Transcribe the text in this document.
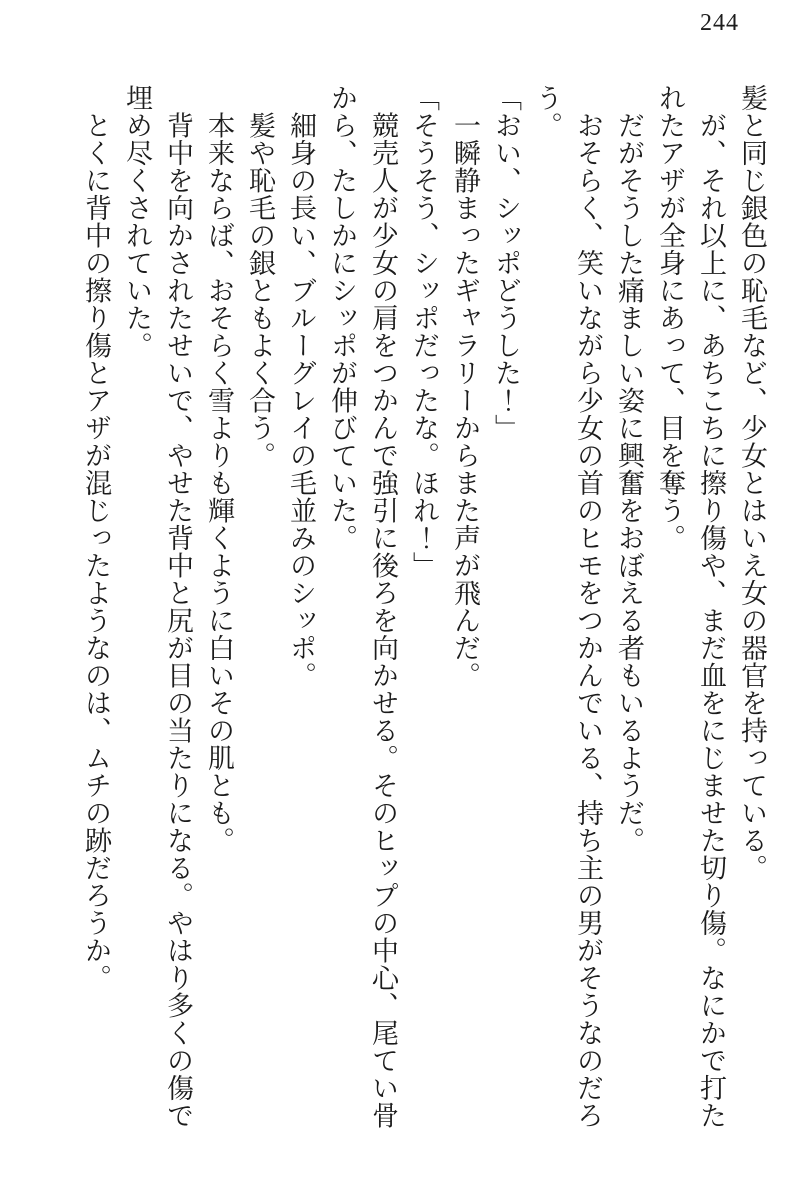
244

髪と同じ銀色の恥毛など、少女とはいえ女の器官を持っている。

　が、それ以上に、あちこちに擦り傷や、まだ血をにじませた切り傷。なにかで打たれたアザが全身にあって、目を奪う。

　だがそうした痛ましい姿に興奮をおぼえる者もいるようだ。

　おそらく、笑いながら少女の首のヒモをつかんでいる、持ち主の男がそうなのだろう。

「おい、シッポどうした！」

　一瞬静まったギャラリーからまた声が飛んだ。

「そうそう、シッポだったな。ほれ！」

　競売人が少女の肩をつかんで強引に後ろを向かせる。そのヒップの中心、尾てい骨から、たしかにシッポが伸びていた。

　細身の長い、ブルーグレイの毛並みのシッポ。

　髪や恥毛の銀ともよく合う。

　本来ならば、おそらく雪よりも輝くように白いその肌とも。

　背中を向かされたせいで、やせた背中と尻が目の当たりになる。やはり多くの傷で埋め尽くされていた。

　とくに背中の擦り傷とアザが混じったようなのは、ムチの跡だろうか。
